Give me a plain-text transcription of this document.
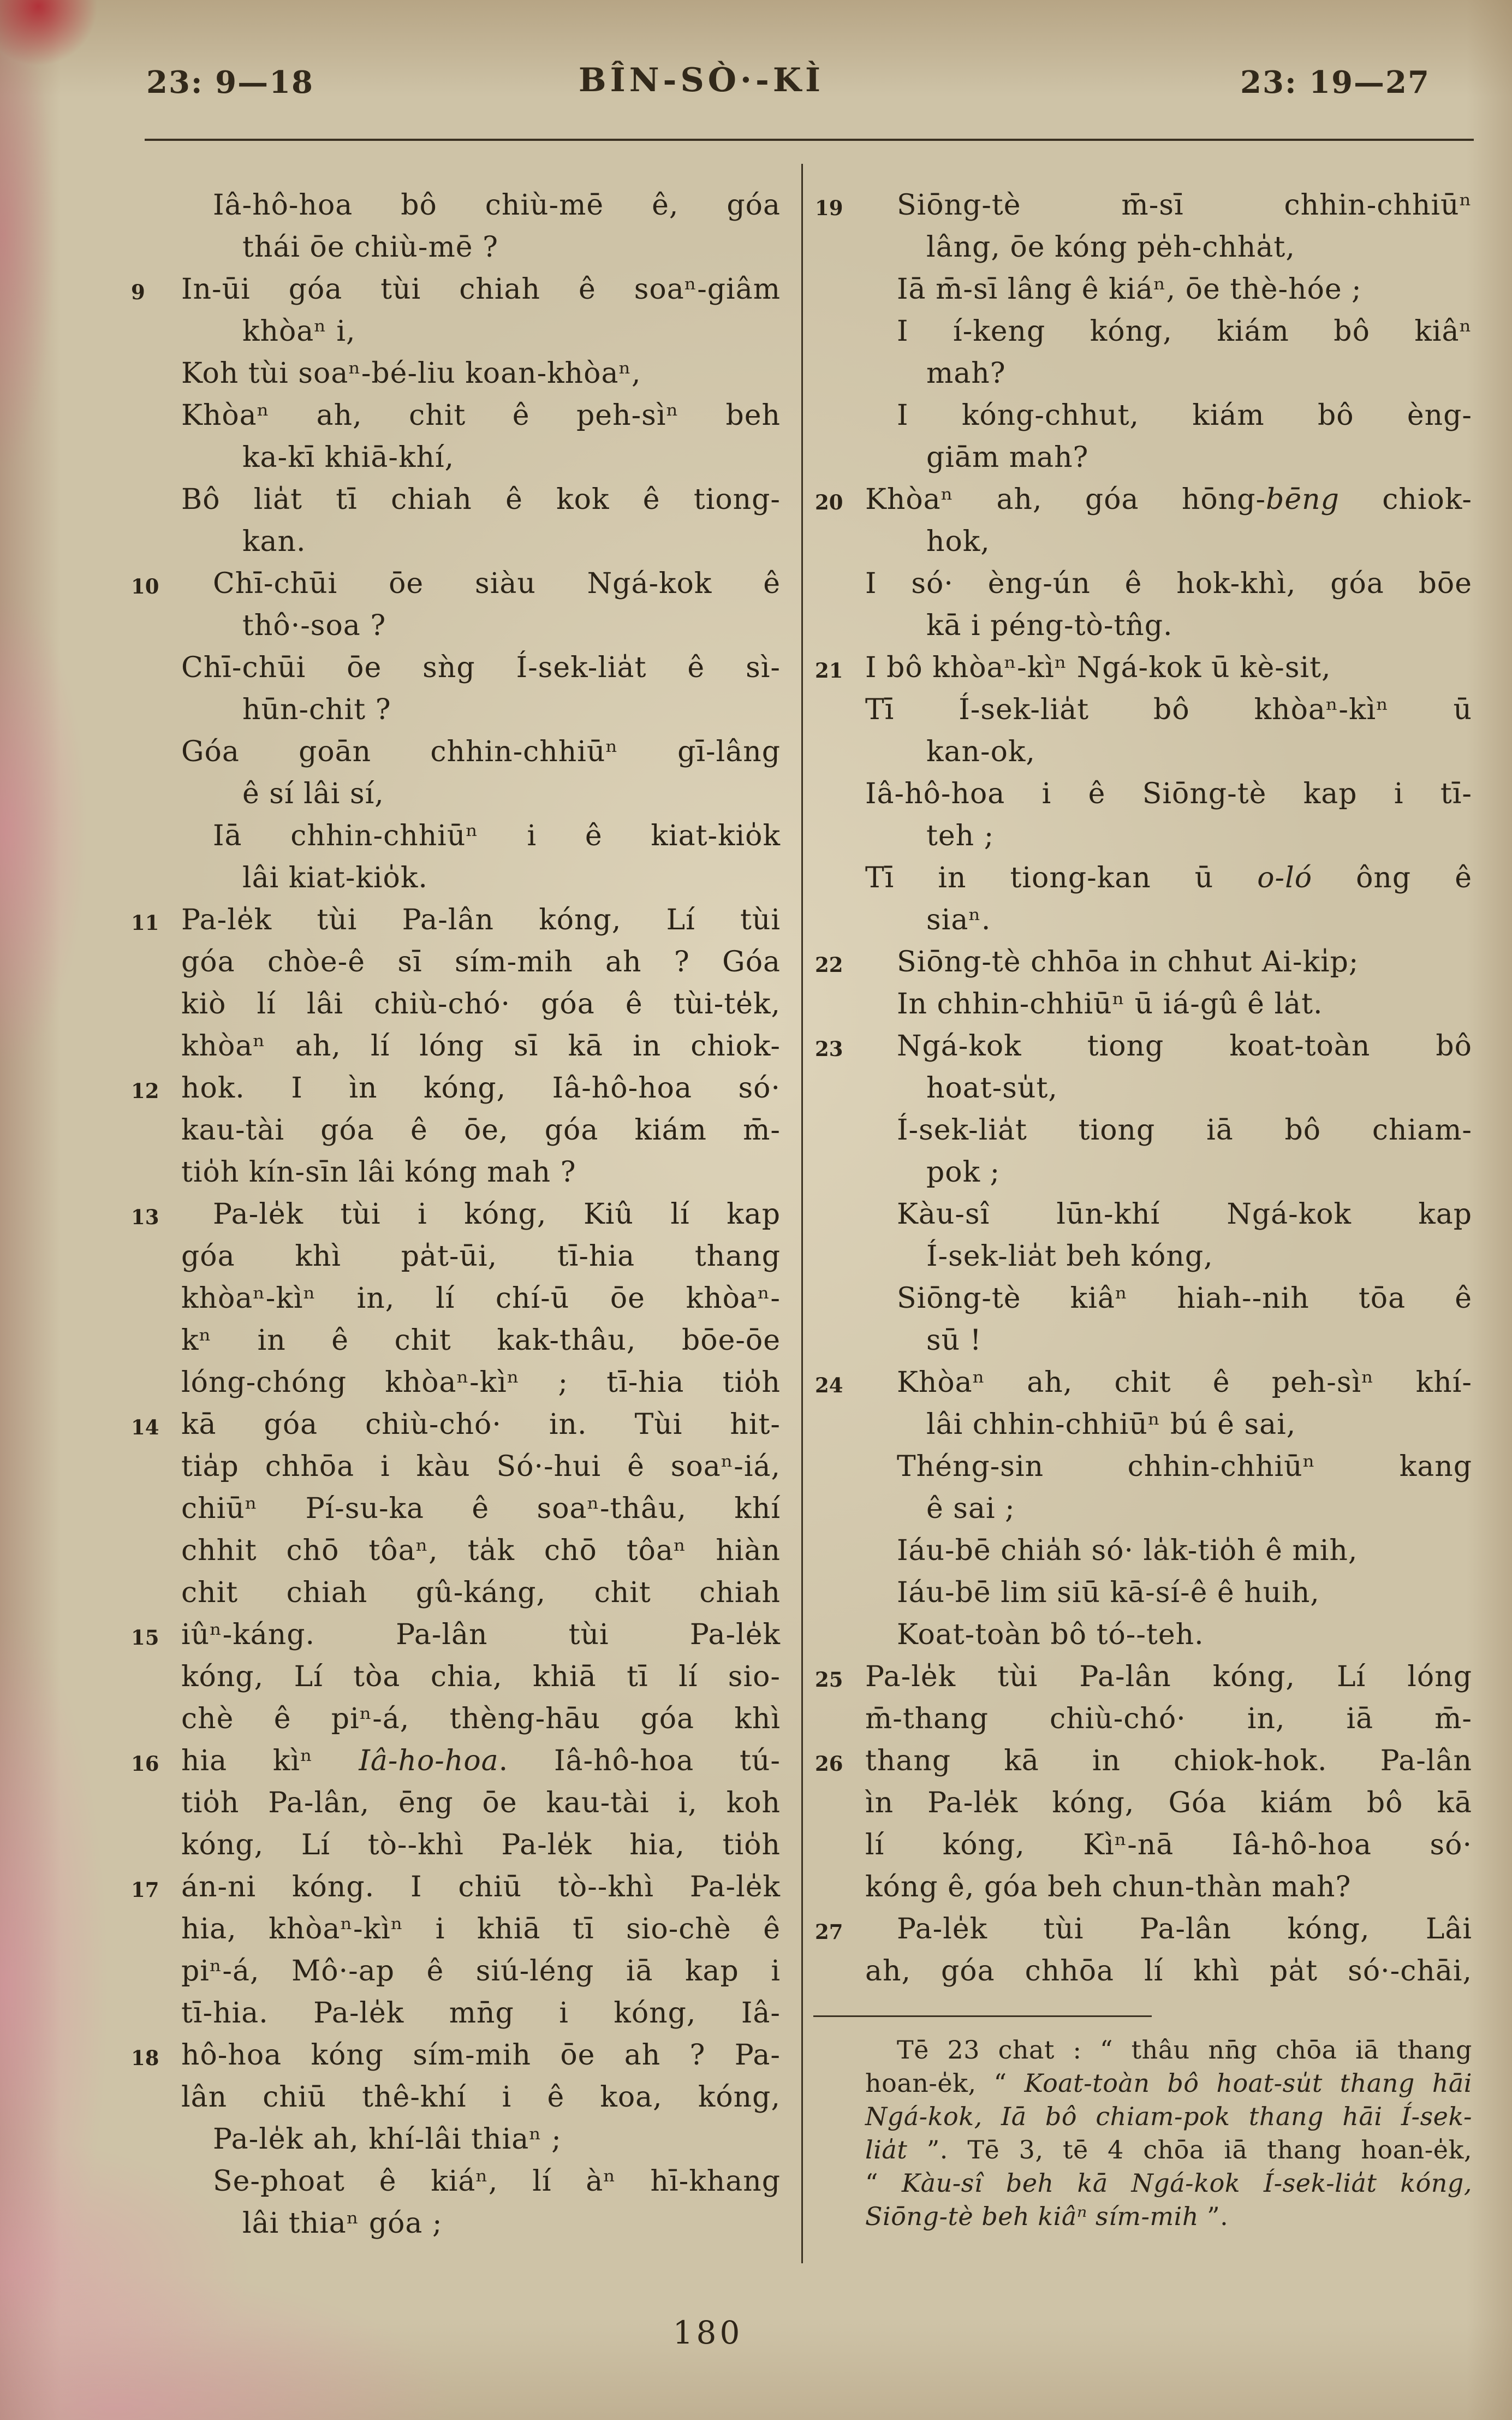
23: 9—18	BÎN-SÒ·-KÌ	23: 19—27
Iâ-hô-hoa bô chiù-mē ê, góa
thái ōe chiù-mē ?
In-ūi góa tùi chiah ê soaⁿ-giâm
9
khòaⁿ i,
Koh tùi soaⁿ-bé-liu koan-khòaⁿ,
Khòaⁿ ah, chit ê peh-sìⁿ beh
ka-kī khiā-khí,
Bô lia̍t tī chiah ê kok ê tiong-
kan.
Chī-chūi ōe siàu Ngá-kok ê
10
thô·-soa ?
Chī-chūi ōe sǹg Í-sek-lia̍t ê sì-
hūn-chit ?
Góa goān chhin-chhiūⁿ gī-lâng
ê sí lâi sí,
Iā chhin-chhiūⁿ i ê kiat-kio̍k
lâi kiat-kio̍k.
Pa-le̍k tùi Pa-lân kóng, Lí tùi
11
góa chòe-ê sī sím-mih ah ? Góa
kiò lí lâi chiù-chó· góa ê tùi-te̍k,
khòaⁿ ah, lí lóng sī kā in chiok-
hok. I ìn kóng, Iâ-hô-hoa só·
12
kau-tài góa ê ōe, góa kiám m̄-
tio̍h kín-sīn lâi kóng mah ?
Pa-le̍k tùi i kóng, Kiû lí kap
13
góa khì pa̍t-ūi, tī-hia thang
khòaⁿ-kìⁿ in, lí chí-ū ōe khòaⁿ-
kⁿ in ê chit kak-thâu, bōe-ōe
lóng-chóng khòaⁿ-kìⁿ ; tī-hia tio̍h
kā góa chiù-chó· in. Tùi hit-
14
tia̍p chhōa i kàu Só·-hui ê soaⁿ-iá,
chiūⁿ Pí-su-ka ê soaⁿ-thâu, khí
chhit chō tôaⁿ, ta̍k chō tôaⁿ hiàn
chit chiah gû-káng, chit chiah
iûⁿ-káng. Pa-lân tùi Pa-le̍k
15
kóng, Lí tòa chia, khiā tī lí sio-
chè ê piⁿ-á, thèng-hāu góa khì
hia kìⁿ Iâ-ho-hoa. Iâ-hô-hoa tú-
16
tio̍h Pa-lân, ēng ōe kau-tài i, koh
kóng, Lí tò--khì Pa-le̍k hia, tio̍h
án-ni kóng. I chiū tò--khì Pa-le̍k
17
hia, khòaⁿ-kìⁿ i khiā tī sio-chè ê
piⁿ-á, Mô·-ap ê siú-léng iā kap i
tī-hia. Pa-le̍k mn̄g i kóng, Iâ-
hô-hoa kóng sím-mih ōe ah ? Pa-
18
lân chiū thê-khí i ê koa, kóng,
Pa-le̍k ah, khí-lâi thiaⁿ ;
Se-phoat ê kiáⁿ, lí àⁿ hī-khang
lâi thiaⁿ góa ;
Siōng-tè m̄-sī chhin-chhiūⁿ
19
lâng, ōe kóng pe̍h-chha̍t,
Iā m̄-sī lâng ê kiáⁿ, ōe thè-hóe ;
I í-keng kóng, kiám bô kiâⁿ
mah?
I kóng-chhut, kiám bô èng-
giām mah?
Khòaⁿ ah, góa hōng-bēng chiok-
20
hok,
I só· èng-ún ê hok-khì, góa bōe
kā i péng-tò-tn̂g.
I bô khòaⁿ-kìⁿ Ngá-kok ū kè-sit,
21
Tī Í-sek-lia̍t bô khòaⁿ-kìⁿ ū
kan-ok,
Iâ-hô-hoa i ê Siōng-tè kap i tī-
teh ;
Tī in tiong-kan ū o-ló ông ê
siaⁿ.
Siōng-tè chhōa in chhut Ai-ki̍p;
22
In chhin-chhiūⁿ ū iá-gû ê la̍t.
Ngá-kok tiong koat-toàn bô
23
hoat-su̍t,
Í-sek-lia̍t tiong iā bô chiam-
pok ;
Kàu-sî lūn-khí Ngá-kok kap
Í-sek-lia̍t beh kóng,
Siōng-tè kiâⁿ hiah--nih tōa ê
sū !
Khòaⁿ ah, chit ê peh-sìⁿ khí-
24
lâi chhin-chhiūⁿ bú ê sai,
Théng-sin chhin-chhiūⁿ kang
ê sai ;
Iáu-bē chia̍h só· la̍k-tio̍h ê mih,
Iáu-bē lim siū kā-sí-ê ê huih,
Koat-toàn bô tó--teh.
Pa-le̍k tùi Pa-lân kóng, Lí lóng
25
m̄-thang chiù-chó· in, iā m̄-
thang kā in chiok-hok. Pa-lân
26
ìn Pa-le̍k kóng, Góa kiám bô kā
lí kóng, Kìⁿ-nā Iâ-hô-hoa só·
kóng ê, góa beh chun-thàn mah?
Pa-le̍k tùi Pa-lân kóng, Lâi
27
ah, góa chhōa lí khì pa̍t só·-chāi,
Tē 23 chat : “ thâu nn̄g chōa iā thang
hoan-e̍k, “ Koat-toàn bô hoat-su̍t thang hāi
Ngá-kok, Iā bô chiam-pok thang hāi Í-sek-
lia̍t ”. Tē 3, tē 4 chōa iā thang hoan-e̍k,
“ Kàu-sî beh kā Ngá-kok Í-sek-lia̍t kóng,
Siōng-tè beh kiâⁿ sím-mih ”.
180
